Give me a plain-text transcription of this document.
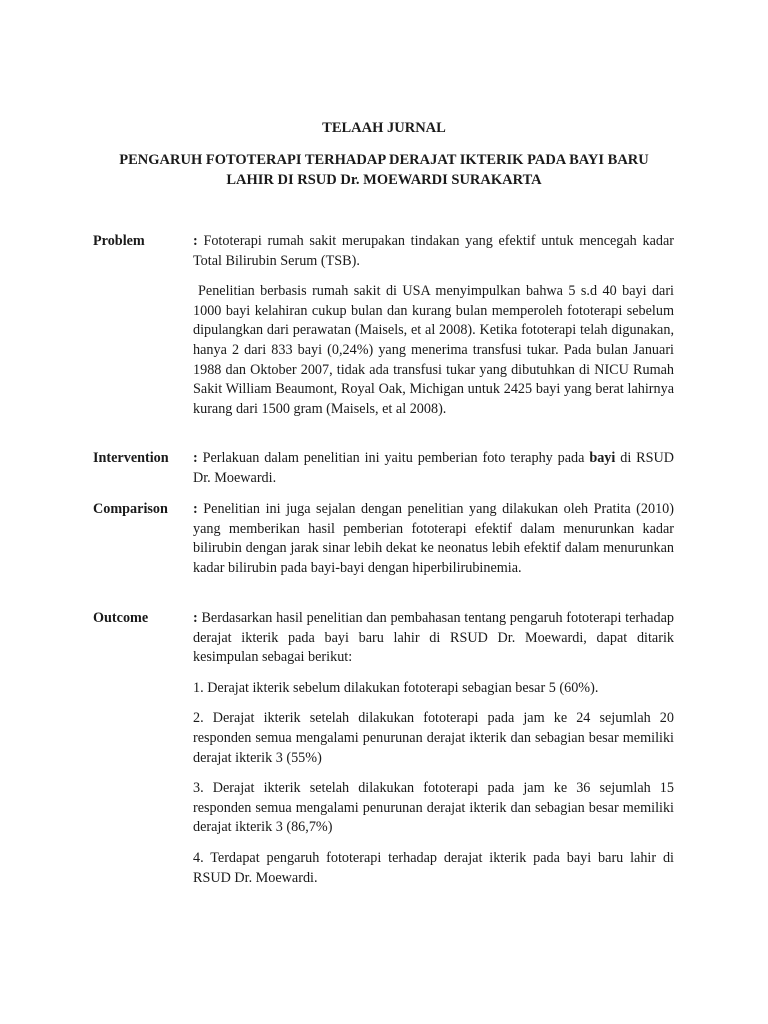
TELAAH JURNAL
PENGARUH FOTOTERAPI TERHADAP DERAJAT IKTERIK PADA BAYI BARU
LAHIR DI RSUD Dr. MOEWARDI SURAKARTA
Problem	: Fototerapi rumah sakit merupakan tindakan yang efektif untuk mencegah kadar Total Bilirubin Serum (TSB).

Penelitian berbasis rumah sakit di USA menyimpulkan bahwa 5 s.d 40 bayi dari 1000 bayi kelahiran cukup bulan dan kurang bulan memperoleh fototerapi sebelum dipulangkan dari perawatan (Maisels, et al 2008). Ketika fototerapi telah digunakan, hanya 2 dari 833 bayi (0,24%) yang menerima transfusi tukar. Pada bulan Januari 1988 dan Oktober 2007, tidak ada transfusi tukar yang dibutuhkan di NICU Rumah Sakit William Beaumont, Royal Oak, Michigan untuk 2425 bayi yang berat lahirnya kurang dari 1500 gram (Maisels, et al 2008).

Intervention : Perlakuan dalam penelitian ini yaitu pemberian foto teraphy pada bayi di RSUD Dr. Moewardi.

Comparison : Penelitian ini juga sejalan dengan penelitian yang dilakukan oleh Pratita (2010) yang memberikan hasil pemberian fototerapi efektif dalam menurunkan kadar bilirubin dengan jarak sinar lebih dekat ke neonatus lebih efektif dalam menurunkan kadar bilirubin pada bayi-bayi dengan hiperbilirubinemia.

Outcome	: Berdasarkan hasil penelitian dan pembahasan tentang pengaruh fototerapi terhadap derajat ikterik pada bayi baru lahir di RSUD Dr. Moewardi, dapat ditarik kesimpulan sebagai berikut:

1. Derajat ikterik sebelum dilakukan fototerapi sebagian besar 5 (60%).

2. Derajat ikterik setelah dilakukan fototerapi pada jam ke 24 sejumlah 20 responden semua mengalami penurunan derajat ikterik dan sebagian besar memiliki derajat ikterik 3 (55%)

3. Derajat ikterik setelah dilakukan fototerapi pada jam ke 36 sejumlah 15 responden semua mengalami penurunan derajat ikterik dan sebagian besar memiliki derajat ikterik 3 (86,7%)

4. Terdapat pengaruh fototerapi terhadap derajat ikterik pada bayi baru lahir di RSUD Dr. Moewardi.
